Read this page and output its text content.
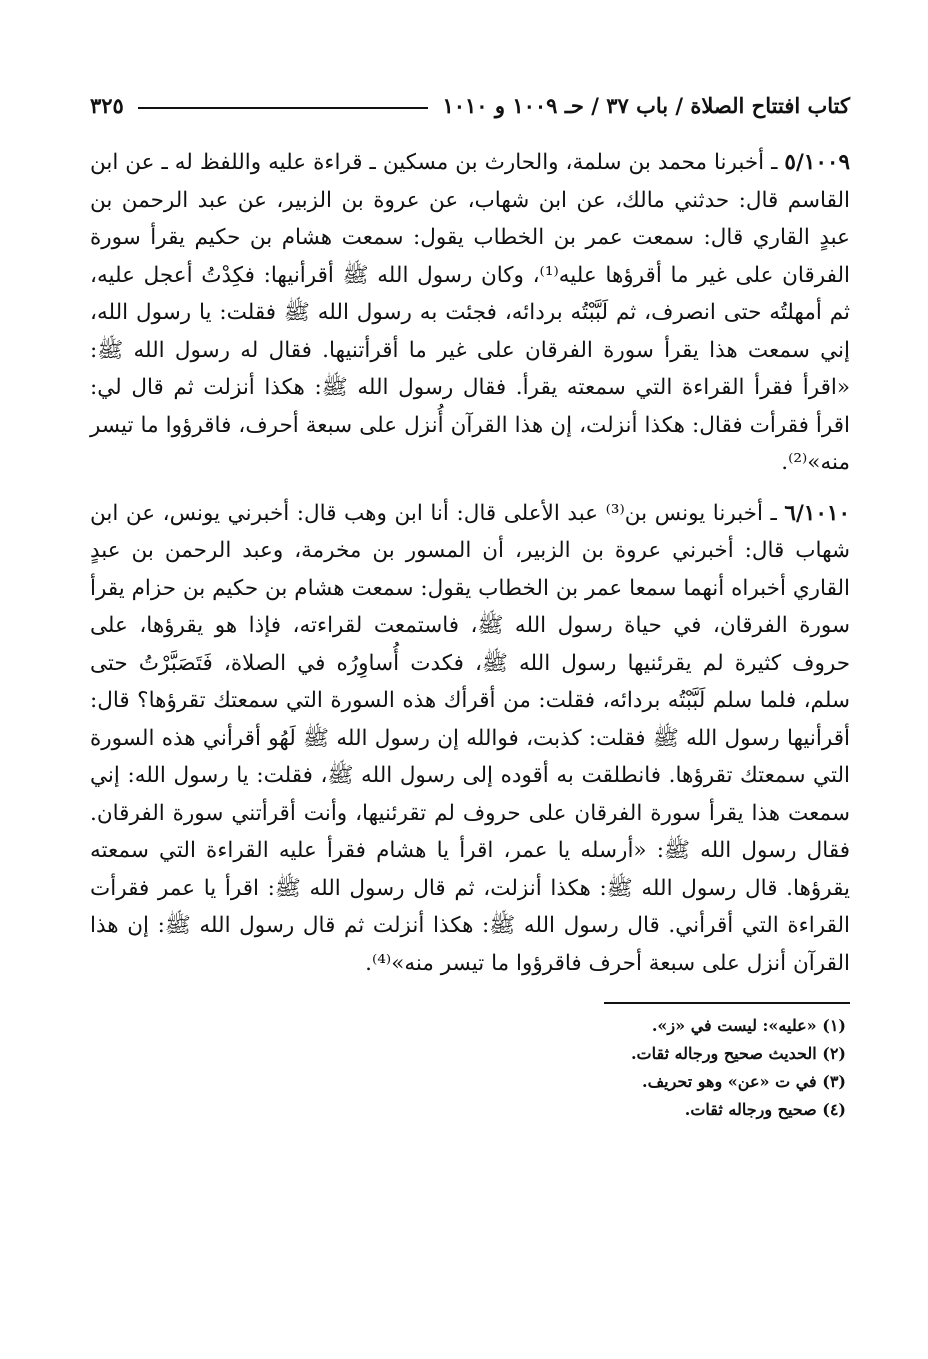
كتاب افتتاح الصلاة / باب ٣٧ / حـ ١٠٠٩ و ١٠١٠
٣٢٥

٥/١٠٠٩ ـ أخبرنا محمد بن سلمة، والحارث بن مسكين ـ قراءة عليه واللفظ له ـ عن ابن القاسم قال: حدثني مالك، عن ابن شهاب، عن عروة بن الزبير، عن عبد الرحمن بن عبدٍ القاري قال: سمعت عمر بن الخطاب يقول: سمعت هشام بن حكيم يقرأ سورة الفرقان على غير ما أقرؤها عليه⁽¹⁾، وكان رسول الله ﷺ أقرأنيها: فكِدْتُ أعجل عليه، ثم أمهلتُه حتى انصرف، ثم لَبَّبْتُه بردائه، فجئت به رسول الله ﷺ فقلت: يا رسول الله، إني سمعت هذا يقرأ سورة الفرقان على غير ما أقرأتنيها. فقال له رسول الله ﷺ: «اقرأ فقرأ القراءة التي سمعته يقرأ. فقال رسول الله ﷺ: هكذا أنزلت ثم قال لي: اقرأ فقرأت فقال: هكذا أنزلت، إن هذا القرآن أُنزل على سبعة أحرف، فاقرؤوا ما تيسر منه»⁽²⁾.

٦/١٠١٠ ـ أخبرنا يونس بن⁽³⁾ عبد الأعلى قال: أنا ابن وهب قال: أخبرني يونس، عن ابن شهاب قال: أخبرني عروة بن الزبير، أن المسور بن مخرمة، وعبد الرحمن بن عبدٍ القاري أخبراه أنهما سمعا عمر بن الخطاب يقول: سمعت هشام بن حكيم بن حزام يقرأ سورة الفرقان، في حياة رسول الله ﷺ، فاستمعت لقراءته، فإذا هو يقرؤها، على حروف كثيرة لم يقرئنيها رسول الله ﷺ، فكدت أُساوِرُه في الصلاة، فَتَصَبَّرْتُ حتى سلم، فلما سلم لَبَّبْتُه بردائه، فقلت: من أقرأك هذه السورة التي سمعتك تقرؤها؟ قال: أقرأنيها رسول الله ﷺ فقلت: كذبت، فوالله إن رسول الله ﷺ لَهُو أقرأني هذه السورة التي سمعتك تقرؤها. فانطلقت به أقوده إلى رسول الله ﷺ، فقلت: يا رسول الله: إني سمعت هذا يقرأ سورة الفرقان على حروف لم تقرئنيها، وأنت أقرأتني سورة الفرقان. فقال رسول الله ﷺ: «أرسله يا عمر، اقرأ يا هشام فقرأ عليه القراءة التي سمعته يقرؤها. قال رسول الله ﷺ: هكذا أنزلت، ثم قال رسول الله ﷺ: اقرأ يا عمر فقرأت القراءة التي أقرأني. قال رسول الله ﷺ: هكذا أنزلت ثم قال رسول الله ﷺ: إن هذا القرآن أنزل على سبعة أحرف فاقرؤوا ما تيسر منه»⁽⁴⁾.

(١) «عليه»: ليست في «ز».
(٢) الحديث صحيح ورجاله ثقات.
(٣) في ت «عن» وهو تحريف.
(٤) صحيح ورجاله ثقات.
